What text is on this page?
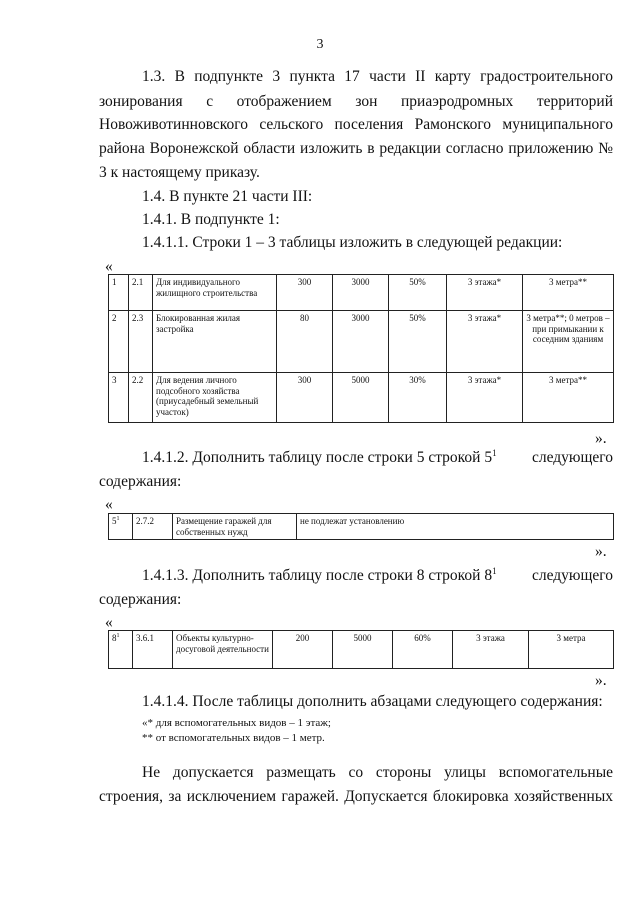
3
1.3. В подпункте 3 пункта 17 части II карту градостроительного
зонирования с отображением зон приаэродромных территорий
Новоживотинновского сельского поселения Рамонского муниципального
района Воронежской области изложить в редакции согласно приложению №
3 к настоящему приказу.
1.4. В пункте 21 части III:
1.4.1. В подпункте 1:
1.4.1.1. Строки 1 – 3 таблицы изложить в следующей редакции:
«
1	2.1	Для индивидуального жилищного строительства	300	3000	50%	3 этажа*	3 метра**
2	2.3	Блокированная жилая застройка	80	3000	50%	3 этажа*	3 метра**; 0 метров – при примыкании к соседним зданиям
3	2.2	Для ведения личного подсобного хозяйства (приусадебный земельный участок)	300	5000	30%	3 этажа*	3 метра**
».
1.4.1.2. Дополнить таблицу после строки 5 строкой $5^1$ следующего
содержания:
«
$5^1$	2.7.2	Размещение гаражей для собственных нужд	не подлежат установлению
».
1.4.1.3. Дополнить таблицу после строки 8 строкой $8^1$ следующего
содержания:
«
$8^1$	3.6.1	Объекты культурно-досуговой деятельности	200	5000	60%	3 этажа	3 метра
».
1.4.1.4. После таблицы дополнить абзацами следующего содержания:
«* для вспомогательных видов – 1 этаж;
** от вспомогательных видов – 1 метр.
Не допускается размещать со стороны улицы вспомогательные
строения, за исключением гаражей. Допускается блокировка хозяйственных
